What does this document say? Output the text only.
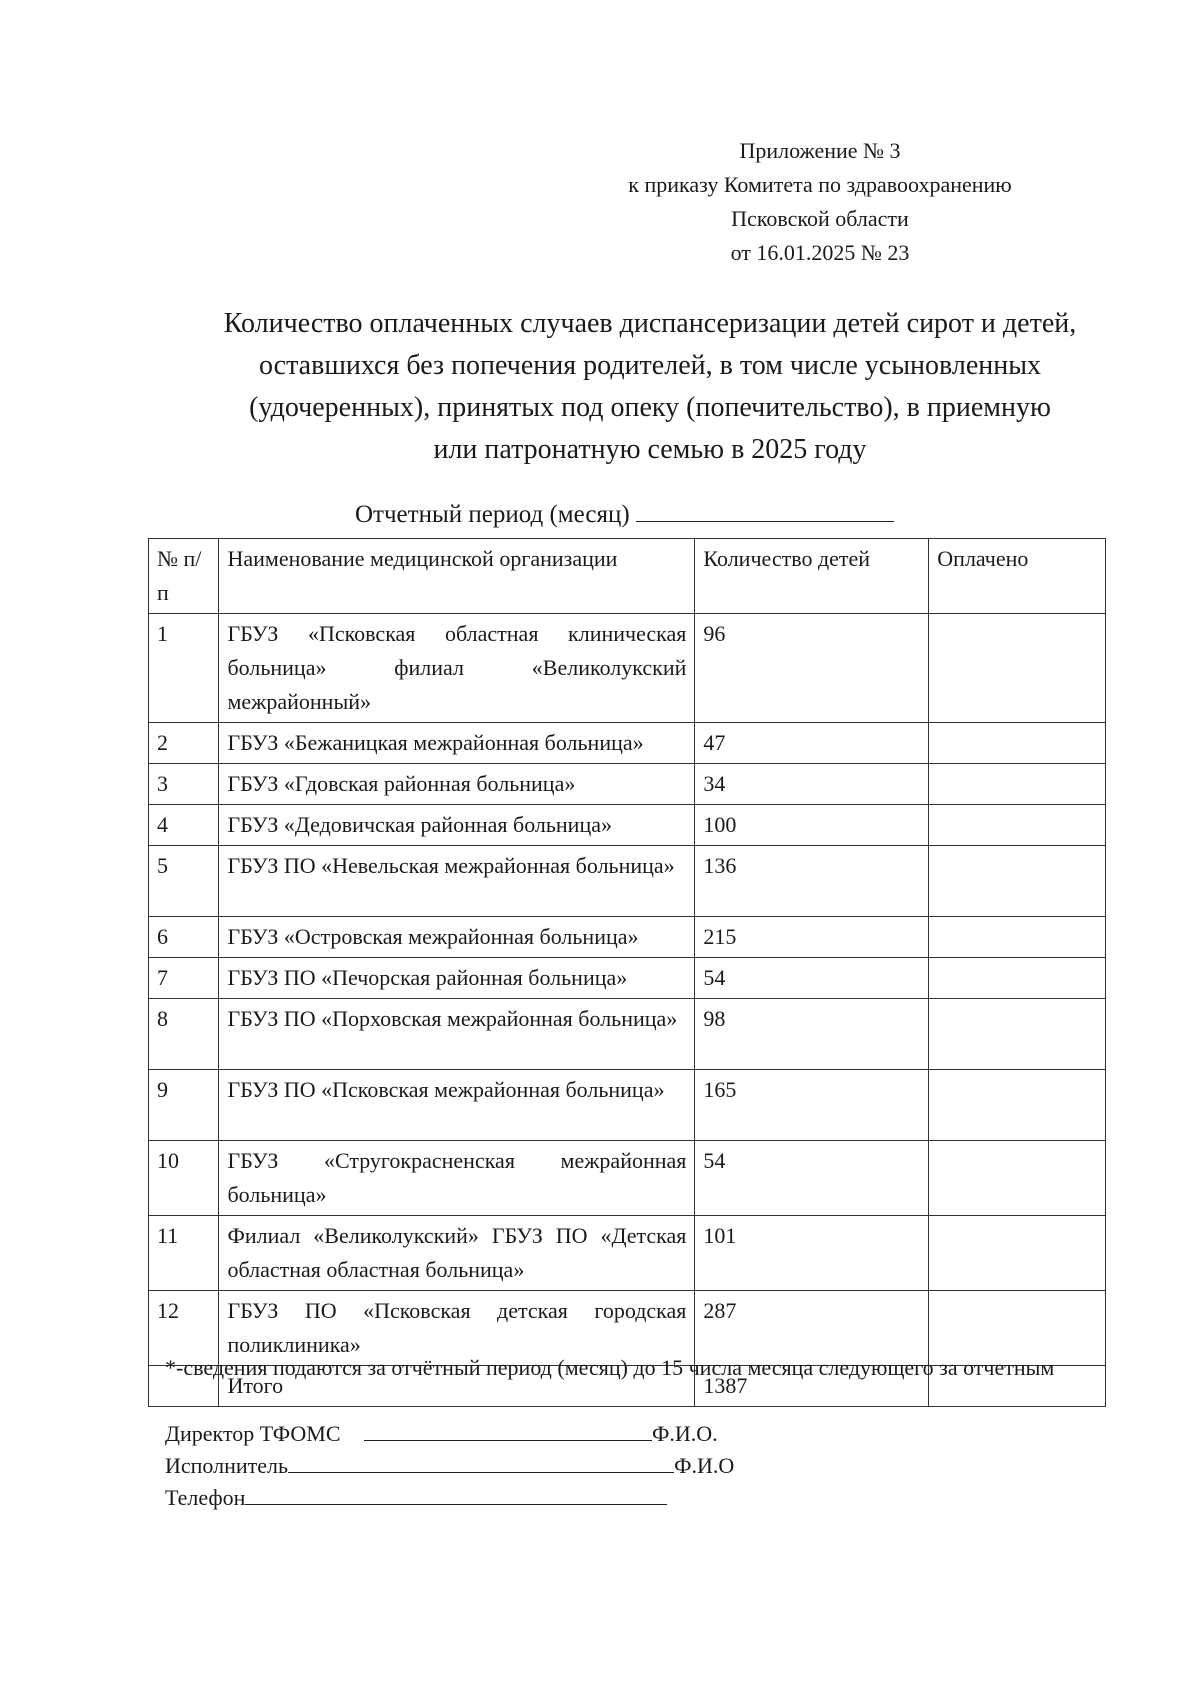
Приложение № 3
к приказу Комитета по здравоохранению
Псковской области
от 16.01.2025 № 23
Количество оплаченных случаев диспансеризации детей сирот и детей,
оставшихся без попечения родителей, в том числе усыновленных
(удочеренных), принятых под опеку (попечительство), в приемную
или патронатную семью в 2025 году
Отчетный период (месяц)
№ п/п	Наименование медицинской организации	Количество детей	Оплачено
1	ГБУЗ «Псковская областная клиническая больница» филиал «Великолукский межрайонный»	96	
2	ГБУЗ «Бежаницкая межрайонная больница»	47	
3	ГБУЗ «Гдовская районная больница»	34	
4	ГБУЗ «Дедовичская районная больница»	100	
5	ГБУЗ ПО «Невельская межрайонная больница»	136	
6	ГБУЗ «Островская межрайонная больница»	215	
7	ГБУЗ ПО «Печорская районная больница»	54	
8	ГБУЗ ПО «Порховская межрайонная больница»	98	
9	ГБУЗ ПО «Псковская межрайонная больница»	165	
10	ГБУЗ «Стругокрасненская межрайонная больница»	54	
11	Филиал «Великолукский» ГБУЗ ПО «Детская областная областная больница»	101	
12	ГБУЗ ПО «Псковская детская городская поликлиника»	287	
	Итого	1387	
*-сведения подаются за отчётный период (месяц) до 15 числа месяца следующего за отчетным
Директор ТФОМС	Ф.И.О.
Исполнитель	Ф.И.О
Телефон
